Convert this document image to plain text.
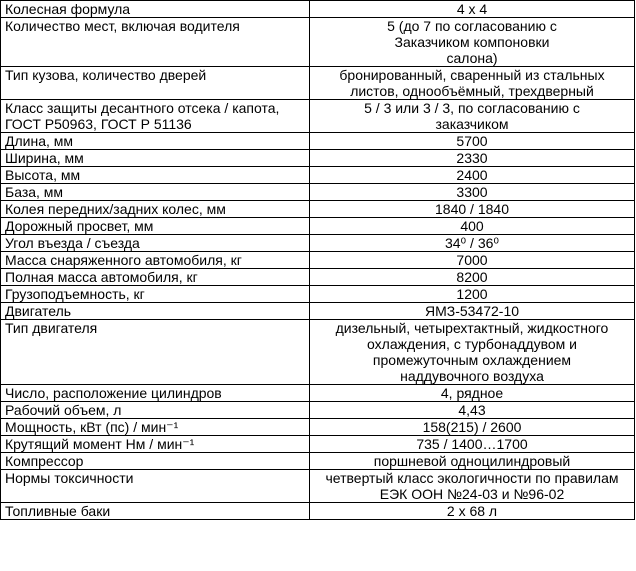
Колесная формула	4 х 4
Количество мест, включая водителя	5 (до 7 по согласованию с Заказчиком компоновки салона)
Тип кузова, количество дверей	бронированный, сваренный из стальных листов, однообъёмный, трехдверный
Класс защиты десантного отсека / капота, ГОСТ Р50963, ГОСТ Р 51136	5 / 3 или 3 / 3, по согласованию с заказчиком
Длина, мм	5700
Ширина, мм	2330
Высота, мм	2400
База, мм	3300
Колея передних/задних колес, мм	1840 / 1840
Дорожный просвет, мм	400
Угол въезда / съезда	34⁰ / 36⁰
Масса снаряженного автомобиля, кг	7000
Полная масса автомобиля, кг	8200
Грузоподъемность, кг	1200
Двигатель	ЯМЗ-53472-10
Тип двигателя	дизельный, четырехтактный, жидкостного охлаждения, с турбонаддувом и промежуточным охлаждением наддувочного воздуха
Число, расположение цилиндров	4, рядное
Рабочий объем, л	4,43
Мощность, кВт (пс) / мин⁻¹	158(215) / 2600
Крутящий момент Нм / мин⁻¹	735 / 1400…1700
Компрессор	поршневой одноцилиндровый
Нормы токсичности	четвертый класс экологичности по правилам ЕЭК ООН №24-03 и №96-02
Топливные баки	2 х 68 л
